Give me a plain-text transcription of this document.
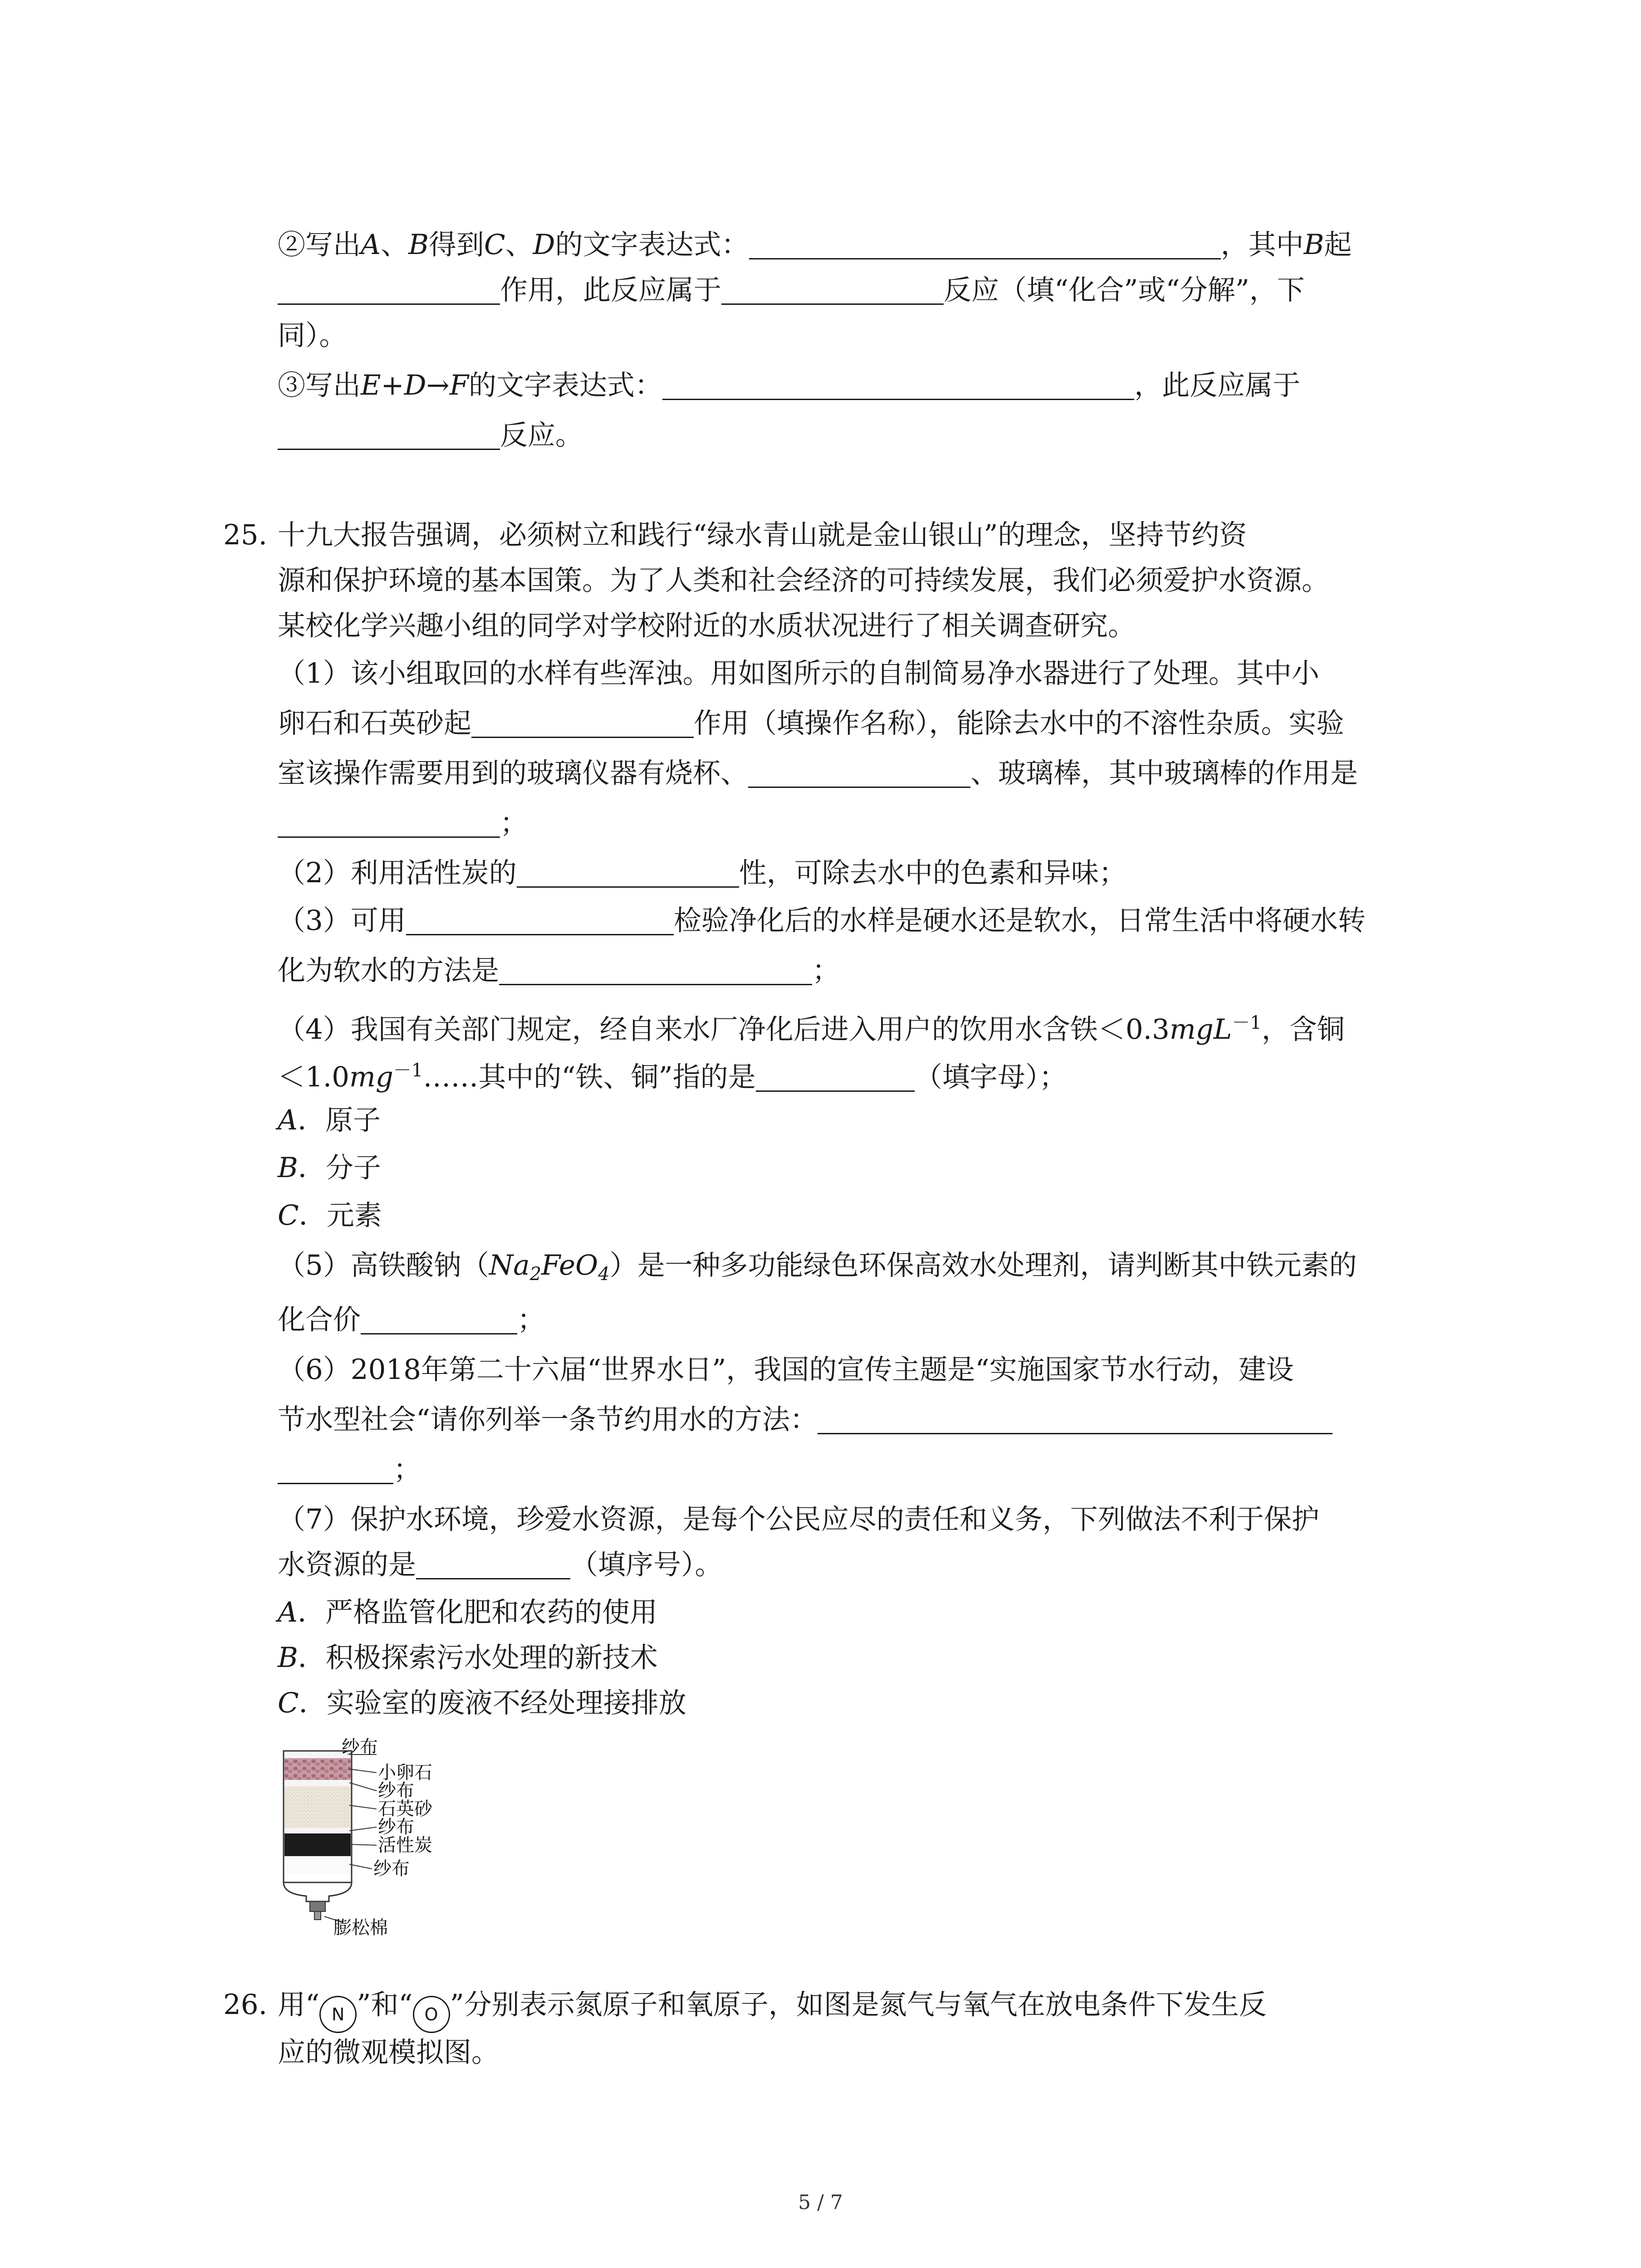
②写出A、B得到C、D的文字表达式：	，其中B起
作用，此反应属于	反应（填“化合”或“分解”，下
同）。
③写出E+D→F的文字表达式：	，此反应属于
反应。
25. 十九大报告强调，必须树立和践行“绿水青山就是金山银山”的理念，坚持节约资
源和保护环境的基本国策。为了人类和社会经济的可持续发展，我们必须爱护水资源。
某校化学兴趣小组的同学对学校附近的水质状况进行了相关调查研究。
（1）该小组取回的水样有些浑浊。用如图所示的自制简易净水器进行了处理。其中小
卵石和石英砂起	作用（填操作名称），能除去水中的不溶性杂质。实验
室该操作需要用到的玻璃仪器有烧杯、	、玻璃棒，其中玻璃棒的作用是
；
（2）利用活性炭的	性，可除去水中的色素和异味；
（3）可用	检验净化后的水样是硬水还是软水，日常生活中将硬水转
化为软水的方法是	；
（4）我国有关部门规定，经自来水厂净化后进入用户的饮用水含铁＜0.3mgL$^{-1}$，含铜
$<1.0mg^{-1}\dots\dots$其中的“铁、铜”指的是	（填字母）；
A．原子
B．分子
C．元素
（5）高铁酸钠$(Na_2FeO_4)$是一种多功能绿色环保高效水处理剂，请判断其中铁元素的
化合价	；
（6）2018年第二十六届“世界水日”，我国的宣传主题是“实施国家节水行动，建设
节水型社会“请你列举一条节约用水的方法：
；
（7）保护水环境，珍爱水资源，是每个公民应尽的责任和义务，下列做法不利于保护
水资源的是	（填序号）。
A．严格监管化肥和农药的使用
B．积极探索污水处理的新技术
C．实验室的废液不经处理接排放
纱布
小卵石
纱布
石英砂
纱布
活性炭
纱布
膨松棉
26. 用“ N ”和“ O ”分别表示氮原子和氧原子，如图是氮气与氧气在放电条件下发生反
应的微观模拟图。
5 / 7
